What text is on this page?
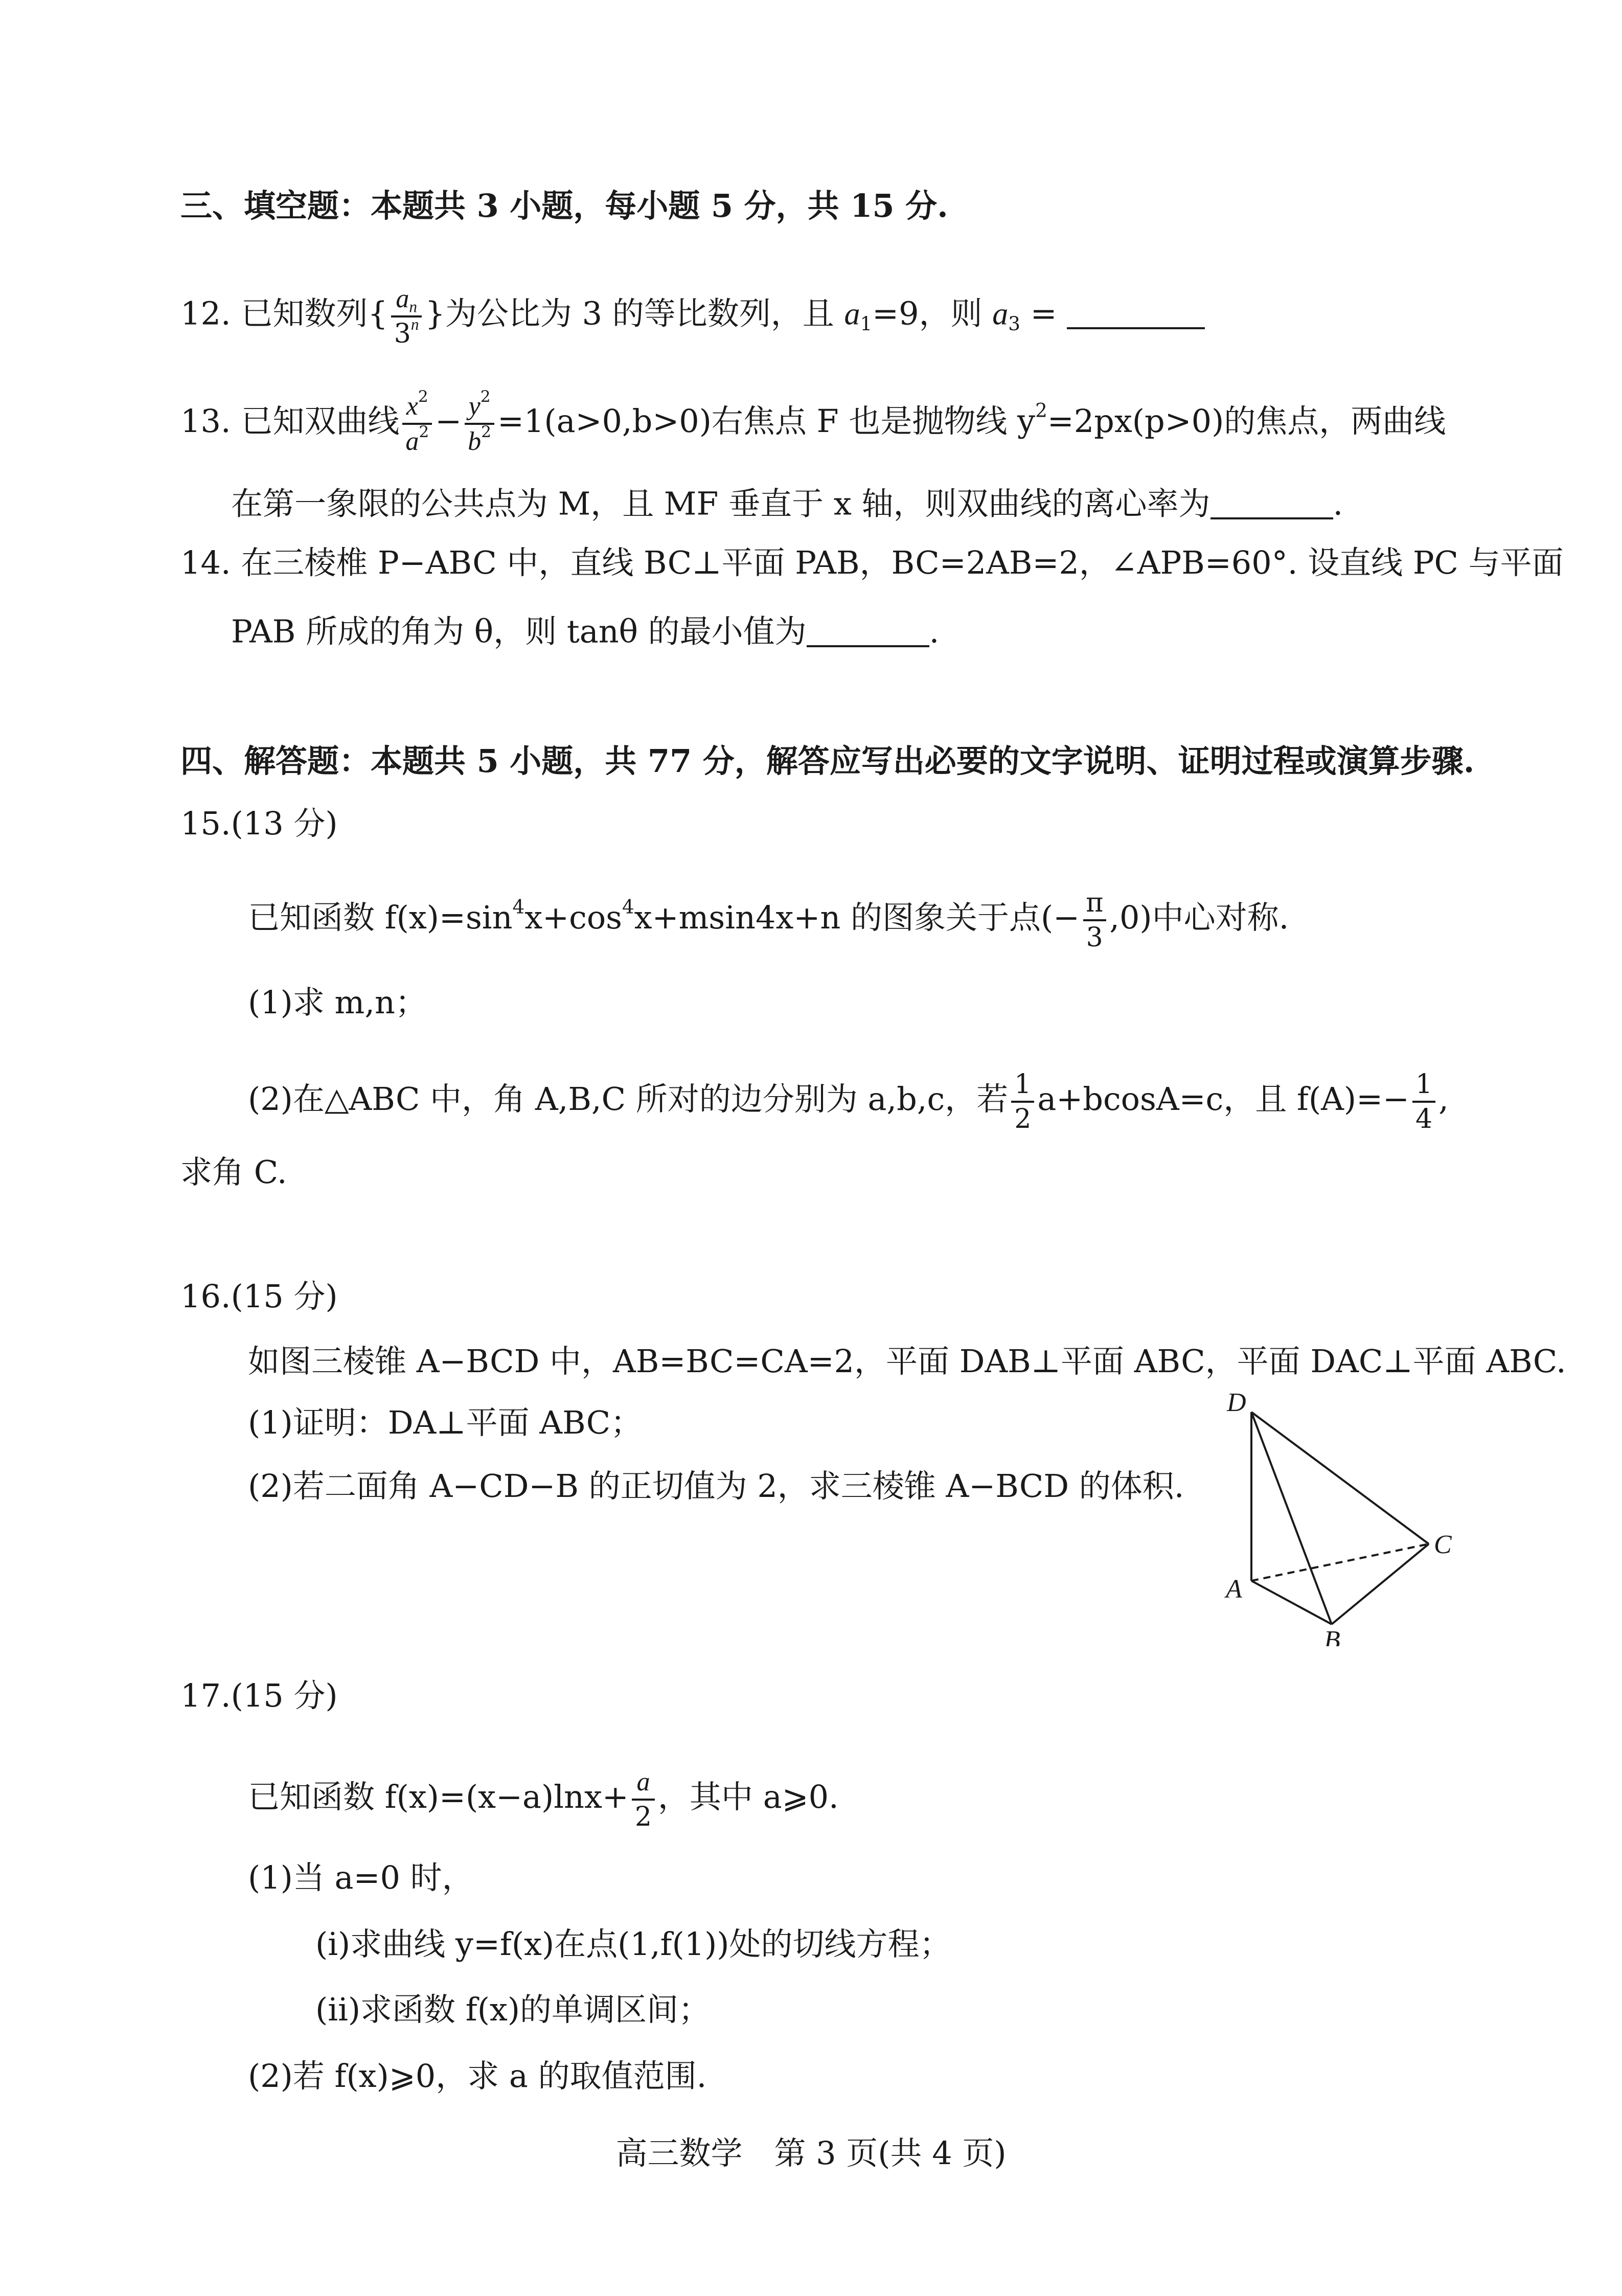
三、填空题：本题共 3 小题，每小题 5 分，共 15 分.
12. 已知数列{ $\frac{a_n}{3^n}$ }为公比为 3 的等比数列，且 $a_1=9$，则 $a_3$ =
13. 已知双曲线 $\frac{x^2}{a^2} - \frac{y^2}{b^2} =1(a>0,b>0)$右焦点 F 也是抛物线 $y^2=2px(p>0)$的焦点，两曲线
在第一象限的公共点为 M，且 MF 垂直于 x 轴，则双曲线的离心率为	.
14. 在三棱椎 P−ABC 中，直线 BC⊥平面 PAB，BC=2AB=2，∠APB=60°. 设直线 PC 与平面
PAB 所成的角为 θ，则 tanθ 的最小值为	.
四、解答题：本题共 5 小题，共 77 分，解答应写出必要的文字说明、证明过程或演算步骤.
15.(13 分)
已知函数 $f(x)=\sin^4x+\cos^4x+msin4x+n$ 的图象关于点(− $\frac{\pi}{3} ,0$)中心对称.
(1)求 m,n；
(2)在△ABC 中，角 A,B,C 所对的边分别为 a,b,c，若 $\frac{1}{2} a+bcosA=c$，且 $f(A)=- \frac{1}{4}$ ,
求角 C.
16.(15 分)
如图三棱锥 A−BCD 中，AB=BC=CA=2，平面 DAB⊥平面 ABC，平面 DAC⊥平面 ABC.
(1)证明：DA⊥平面 ABC；
(2)若二面角 A−CD−B 的正切值为 2，求三棱锥 A−BCD 的体积.
D
A
B
C
17.(15 分)
已知函数 $f(x)=(x-a)\ln x+ \frac{a}{2}$ ，其中 a⩾0.
(1)当 a=0 时，
(ⅰ)求曲线 y=f(x)在点(1,f(1))处的切线方程；
(ⅱ)求函数 f(x)的单调区间；
(2)若 f(x)⩾0，求 a 的取值范围.
高三数学　第 3 页(共 4 页)
